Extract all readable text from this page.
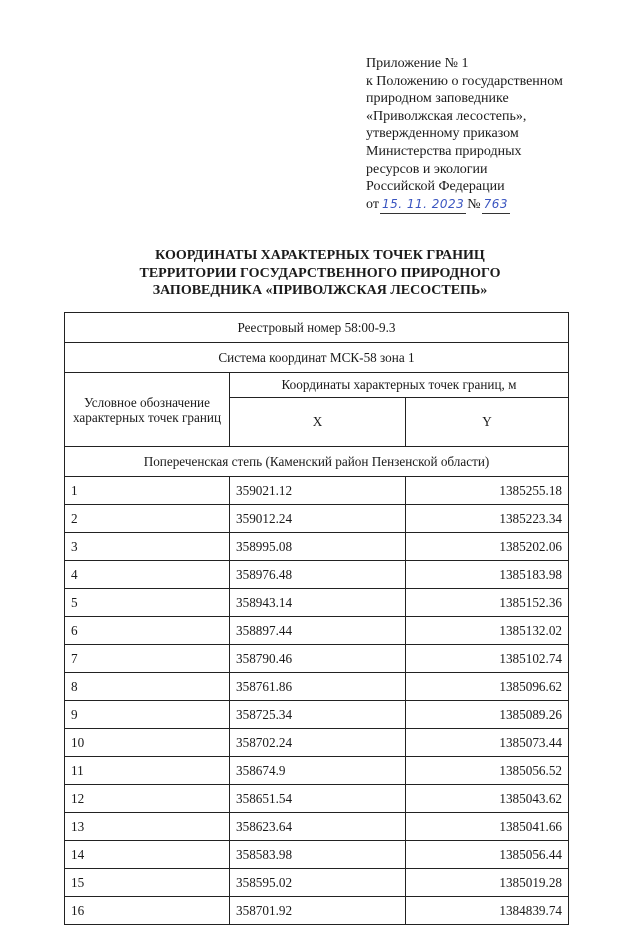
Приложение № 1
к Положению о государственном
природном заповеднике
«Приволжская лесостепь»,
утвержденному приказом
Министерства природных
ресурсов и экологии
Российской Федерации
от 15. 11. 2023 № 763
КООРДИНАТЫ ХАРАКТЕРНЫХ ТОЧЕК ГРАНИЦ
ТЕРРИТОРИИ ГОСУДАРСТВЕННОГО ПРИРОДНОГО
ЗАПОВЕДНИКА «ПРИВОЛЖСКАЯ ЛЕСОСТЕПЬ»
Реестровый номер 58:00-9.3		
Система координат МСК-58 зона 1		
Условное обозначение характерных точек границ	Координаты характерных точек границ, м	
	X	Y
Попереченская степь (Каменский район Пензенской области)		
1	359021.12	1385255.18
2	359012.24	1385223.34
3	358995.08	1385202.06
4	358976.48	1385183.98
5	358943.14	1385152.36
6	358897.44	1385132.02
7	358790.46	1385102.74
8	358761.86	1385096.62
9	358725.34	1385089.26
10	358702.24	1385073.44
11	358674.9	1385056.52
12	358651.54	1385043.62
13	358623.64	1385041.66
14	358583.98	1385056.44
15	358595.02	1385019.28
16	358701.92	1384839.74
